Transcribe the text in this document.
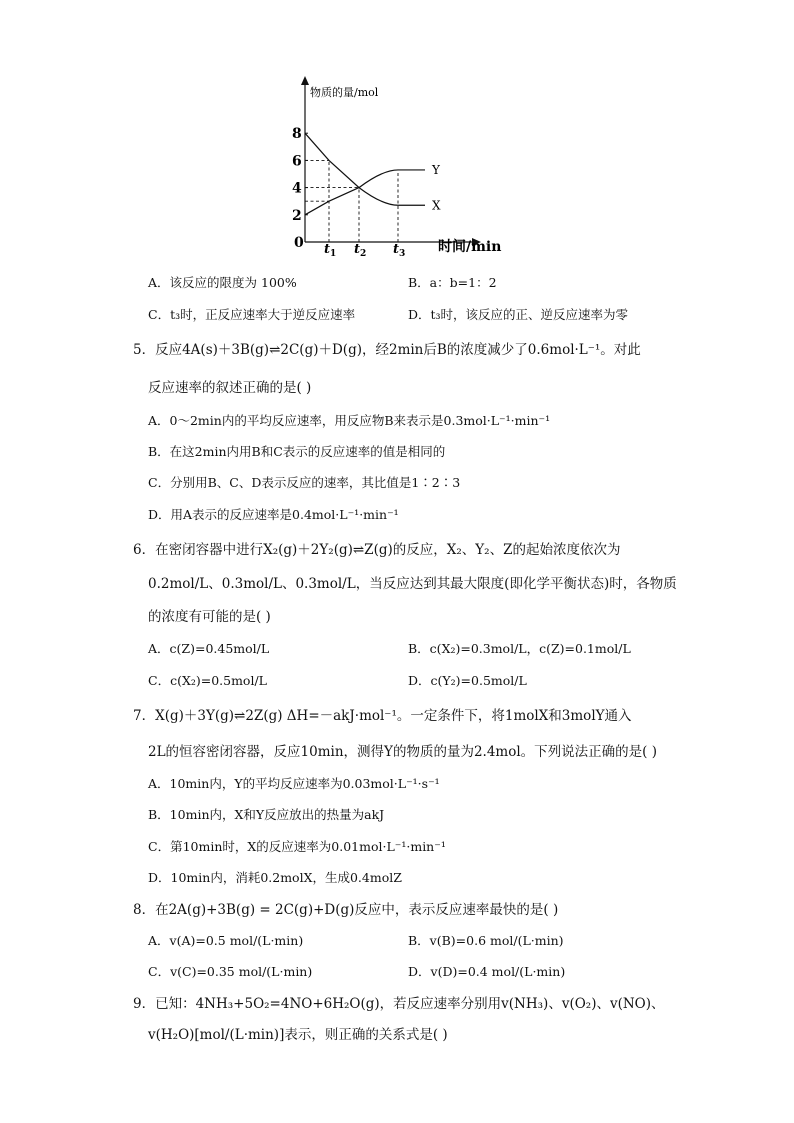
物质的量/mol
时间/min
0
8
6
4
2
$t_1$ $t_2$ $t_3$
Y
X
A．该反应的限度为 100%	B．a：b=1：2
C．t₃时，正反应速率大于逆反应速率	D．t₃时，该反应的正、逆反应速率为零
5．反应4A(s)＋3B(g)⇌2C(g)＋D(g)，经2min后B的浓度减少了0.6mol·L⁻¹。对此
反应速率的叙述正确的是( )
A．0～2min内的平均反应速率，用反应物B来表示是0.3mol·L⁻¹·min⁻¹
B．在这2min内用B和C表示的反应速率的值是相同的
C．分别用B、C、D表示反应的速率，其比值是1∶2∶3
D．用A表示的反应速率是0.4mol·L⁻¹·min⁻¹
6．在密闭容器中进行X₂(g)＋2Y₂(g)⇌Z(g)的反应，X₂、Y₂、Z的起始浓度依次为
0.2mol/L、0.3mol/L、0.3mol/L，当反应达到其最大限度(即化学平衡状态)时，各物质
的浓度有可能的是( )
A．c(Z)=0.45mol/L	B．c(X₂)=0.3mol/L，c(Z)=0.1mol/L
C．c(X₂)=0.5mol/L	D．c(Y₂)=0.5mol/L
7．X(g)＋3Y(g)⇌2Z(g) ΔH=－akJ·mol⁻¹。一定条件下，将1molX和3molY通入
2L的恒容密闭容器，反应10min，测得Y的物质的量为2.4mol。下列说法正确的是( )
A．10min内，Y的平均反应速率为0.03mol·L⁻¹·s⁻¹
B．10min内，X和Y反应放出的热量为akJ
C．第10min时，X的反应速率为0.01mol·L⁻¹·min⁻¹
D．10min内，消耗0.2molX，生成0.4molZ
8．在2A(g)+3B(g) = 2C(g)+D(g)反应中，表示反应速率最快的是( )
A．v(A)=0.5 mol/(L·min)	B．v(B)=0.6 mol/(L·min)
C．v(C)=0.35 mol/(L·min)	D．v(D)=0.4 mol/(L·min)
9．已知：4NH₃+5O₂=4NO+6H₂O(g)，若反应速率分别用v(NH₃)、v(O₂)、v(NO)、
v(H₂O)[mol/(L·min)]表示，则正确的关系式是( )
